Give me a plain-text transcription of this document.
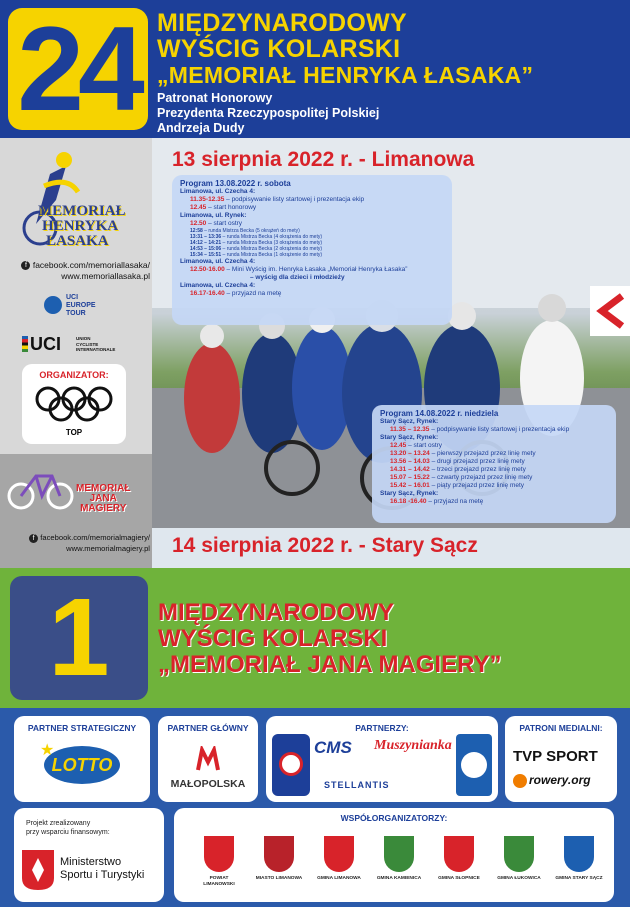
24 MIĘDZYNARODOWY
WYŚCIG KOLARSKI
„MEMORIAŁ HENRYKA ŁASAKA”
Patronat Honorowy
Prezydenta Rzeczypospolitej Polskiej
Andrzeja Dudy
MEMORIAŁ
HENRYKA
ŁASAKA
f facebook.com/memoriallasaka/
www.memoriallasaka.pl
UCI
EUROPE
TOUR
UCI	UNION
CYCLISTE
INTERNATIONALE
ORGANIZATOR:
TOP
MEMORIAŁ
JANA
MAGIERY
f facebook.com/memorialmagiery/
www.memorialmagiery.pl
13 sierpnia 2022 r. - Limanowa
Program 13.08.2022 r. sobota
Limanowa, ul. Czecha 4:
11.35-12.35 – podpisywanie listy startowej i prezentacja ekip
12.45 – start honorowy
Limanowa, ul. Rynek:
12.50 – start ostry
12:58 – runda Mistrza Becka (5 okrążeń do mety)
13:31 – 13:36 – runda Mistrza Becka (4 okrążenia do mety)
14:12 – 14:21 – runda Mistrza Becka (3 okrążenia do mety)
14:53 – 15:06 – runda Mistrza Becka (2 okrążenia do mety)
15:34 – 15:51 – runda Mistrza Becka (1 okrążenie do mety)
Limanowa, ul. Czecha 4:
12.50-16.00 – Mini Wyścig im. Henryka Łasaka „Memoriał Henryka Łasaka”
– wyścig dla dzieci i młodzieży
Limanowa, ul. Czecha 4:
16.17-16.40 – przyjazd na metę
Program 14.08.2022 r. niedziela
Stary Sącz, Rynek:
11.35 – 12.35 – podpisywanie listy startowej i prezentacja ekip
Stary Sącz, Rynek:
12.45 – start ostry
13.20 – 13.24 – pierwszy przejazd przez linię mety
13.56 – 14.03 – drugi przejazd przez linię mety
14.31 – 14.42 – trzeci przejazd przez linię mety
15.07 – 15.22 – czwarty przejazd przez linię mety
15.42 – 16.01 – piąty przejazd przez linię mety
Stary Sącz, Rynek:
16.18 -16.40 – przyjazd na metę
14 sierpnia 2022 r. - Stary Sącz
1	MIĘDZYNARODOWY
WYŚCIG KOLARSKI
„MEMORIAŁ JANA MAGIERY”
PARTNER STRATEGICZNY
LOTTO
★
PARTNER GŁÓWNY
MAŁOPOLSKA
PARTNERZY:
CMS Muszynianka
STELLANTIS
PATRONI MEDIALNI:
TVP SPORT
rowery.org
Projekt zrealizowany
przy wsparciu finansowym:
Ministerstwo
Sportu i Turystyki
WSPÓŁORGANIZATORZY:
POWIAT LIMANOWSKI
MIASTO LIMANOWA	GMINA LIMANOWA	GMINA KAMIENICA	GMINA SŁOPNICE	GMINA ŁUKOWICA	GMINA STARY SĄCZ
